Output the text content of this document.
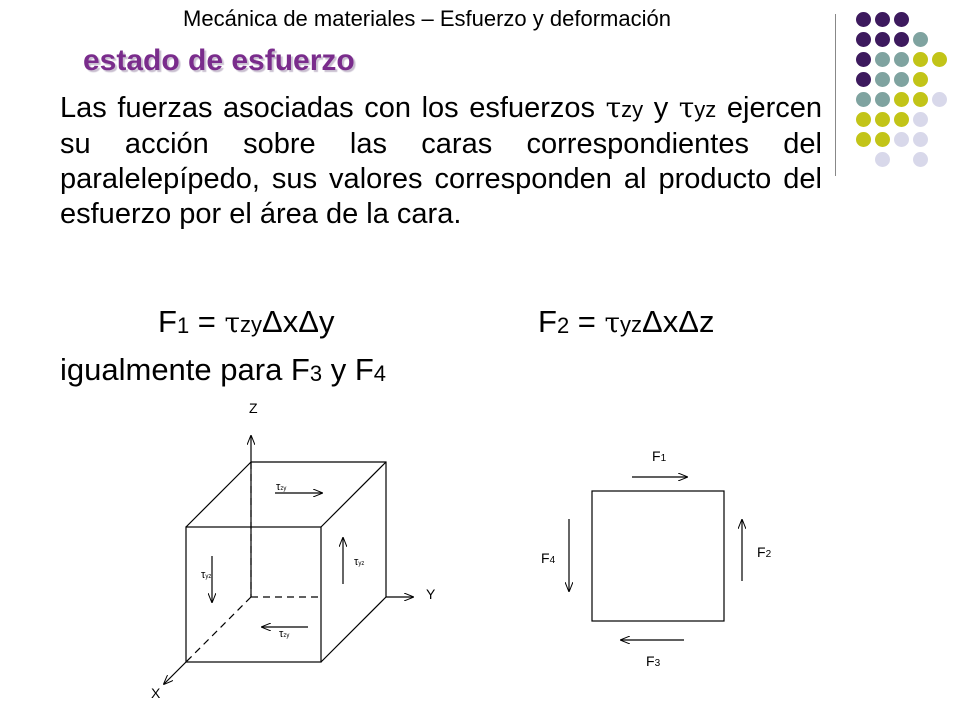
Mecánica de materiales – Esfuerzo y deformación
estado de esfuerzo
Las fuerzas asociadas con los esfuerzos τzy y τyz ejercen su acción sobre las caras correspondientes del paralelepípedo, sus valores corresponden al producto del esfuerzo por el área de la cara.
$F_1 = \tau zy\Delta x\Delta y$	$F_2 = \tau yz\Delta x\Delta z$
igualmente para $F_3$ y $F_4$
Z
Y
X
τzy
τyz
τyz
τzy
F1
F2
F3
F4
